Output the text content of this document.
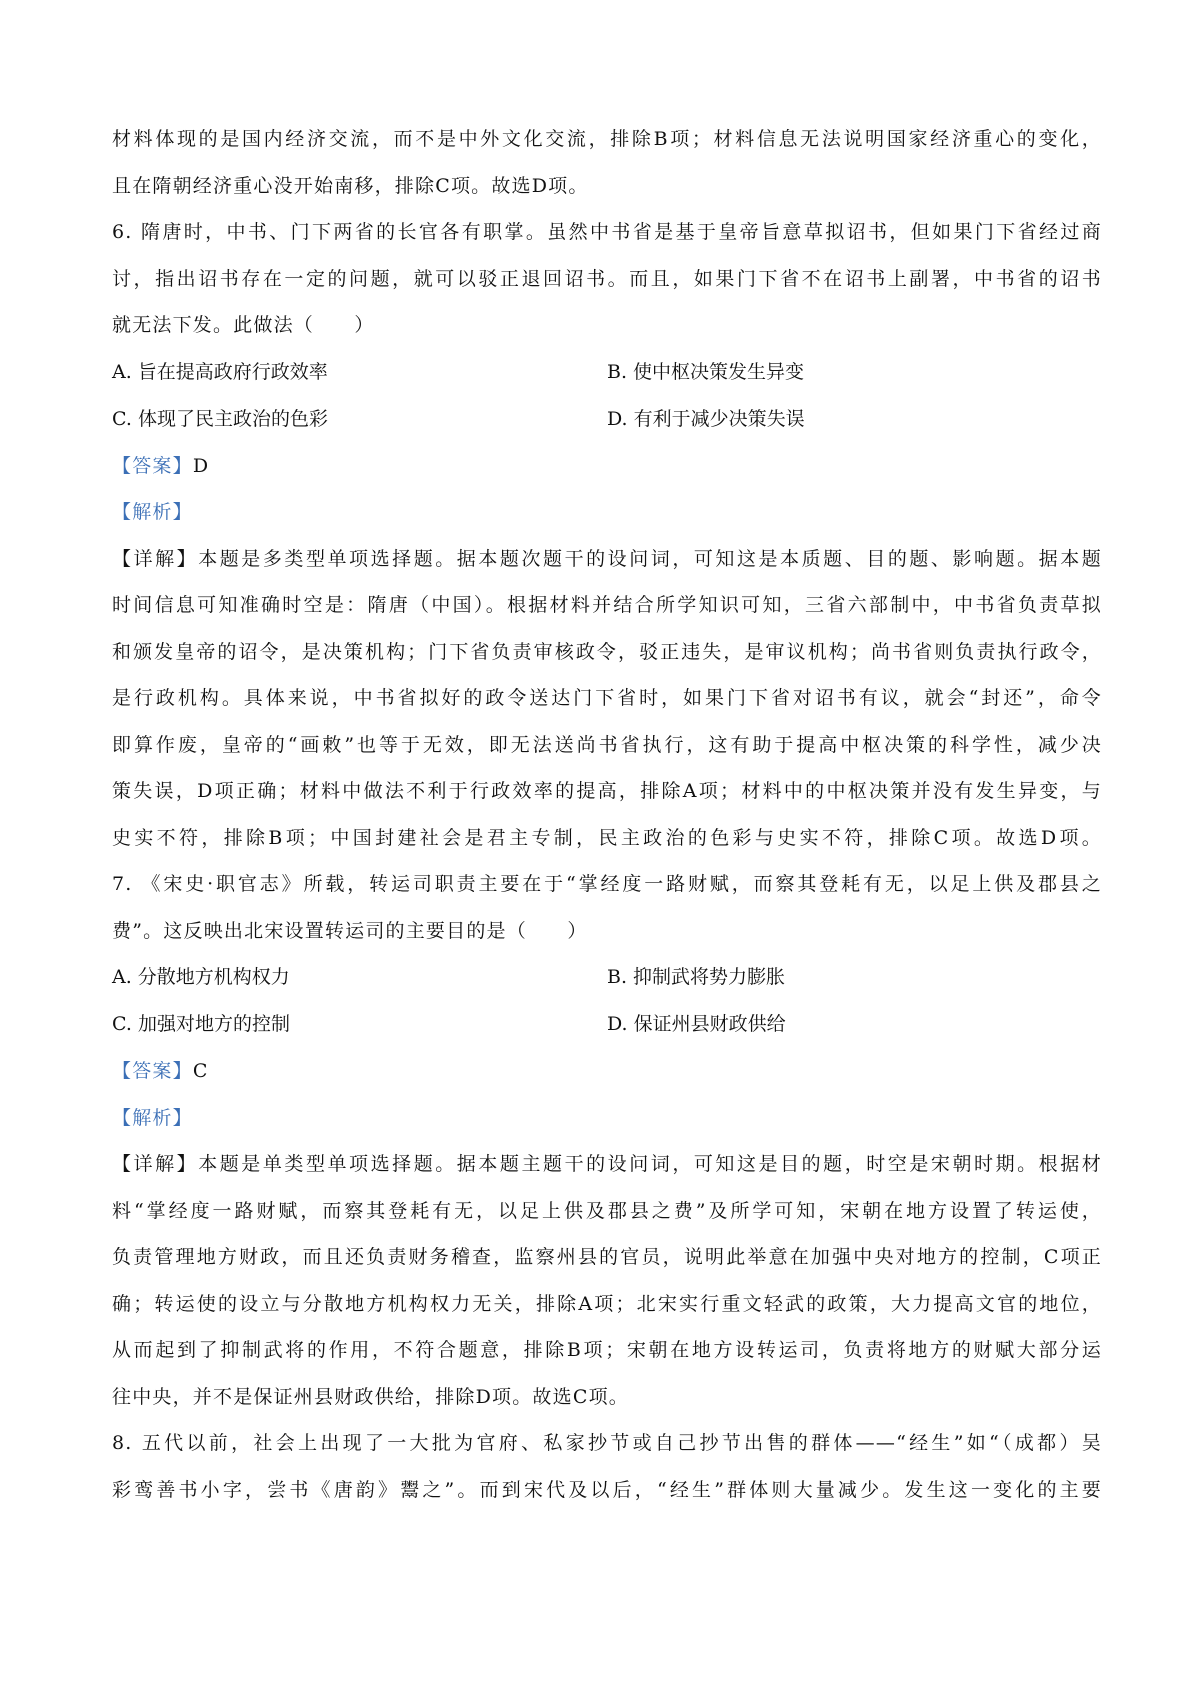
材料体现的是国内经济交流，而不是中外文化交流，排除B项；材料信息无法说明国家经济重心的变化，
且在隋朝经济重心没开始南移，排除C项。故选D项。
6. 隋唐时，中书、门下两省的长官各有职掌。虽然中书省是基于皇帝旨意草拟诏书，但如果门下省经过商
讨，指出诏书存在一定的问题，就可以驳正退回诏书。而且，如果门下省不在诏书上副署，中书省的诏书
就无法下发。此做法（　　）
A. 旨在提高政府行政效率	B. 使中枢决策发生异变
C. 体现了民主政治的色彩	D. 有利于减少决策失误
【答案】D
【解析】
【详解】本题是多类型单项选择题。据本题次题干的设问词，可知这是本质题、目的题、影响题。据本题
时间信息可知准确时空是：隋唐（中国）。根据材料并结合所学知识可知，三省六部制中，中书省负责草拟
和颁发皇帝的诏令，是决策机构；门下省负责审核政令，驳正违失，是审议机构；尚书省则负责执行政令，
是行政机构。具体来说，中书省拟好的政令送达门下省时，如果门下省对诏书有议，就会“封还”，命令
即算作废，皇帝的“画敕”也等于无效，即无法送尚书省执行，这有助于提高中枢决策的科学性，减少决
策失误，D项正确；材料中做法不利于行政效率的提高，排除A项；材料中的中枢决策并没有发生异变，与
史实不符，排除B项；中国封建社会是君主专制，民主政治的色彩与史实不符，排除C项。故选D项。
7. 《宋史·职官志》所载，转运司职责主要在于“掌经度一路财赋，而察其登耗有无，以足上供及郡县之
费”。这反映出北宋设置转运司的主要目的是（　　）
A. 分散地方机构权力	B. 抑制武将势力膨胀
C. 加强对地方的控制	D. 保证州县财政供给
【答案】C
【解析】
【详解】本题是单类型单项选择题。据本题主题干的设问词，可知这是目的题，时空是宋朝时期。根据材
料“掌经度一路财赋，而察其登耗有无，以足上供及郡县之费”及所学可知，宋朝在地方设置了转运使，
负责管理地方财政，而且还负责财务稽查，监察州县的官员，说明此举意在加强中央对地方的控制，C项正
确；转运使的设立与分散地方机构权力无关，排除A项；北宋实行重文轻武的政策，大力提高文官的地位，
从而起到了抑制武将的作用，不符合题意，排除B项；宋朝在地方设转运司，负责将地方的财赋大部分运
往中央，并不是保证州县财政供给，排除D项。故选C项。
8. 五代以前，社会上出现了一大批为官府、私家抄节或自己抄节出售的群体——“经生”如“（成都）吴
彩鸾善书小字，尝书《唐韵》鬻之”。而到宋代及以后，“经生”群体则大量减少。发生这一变化的主要
